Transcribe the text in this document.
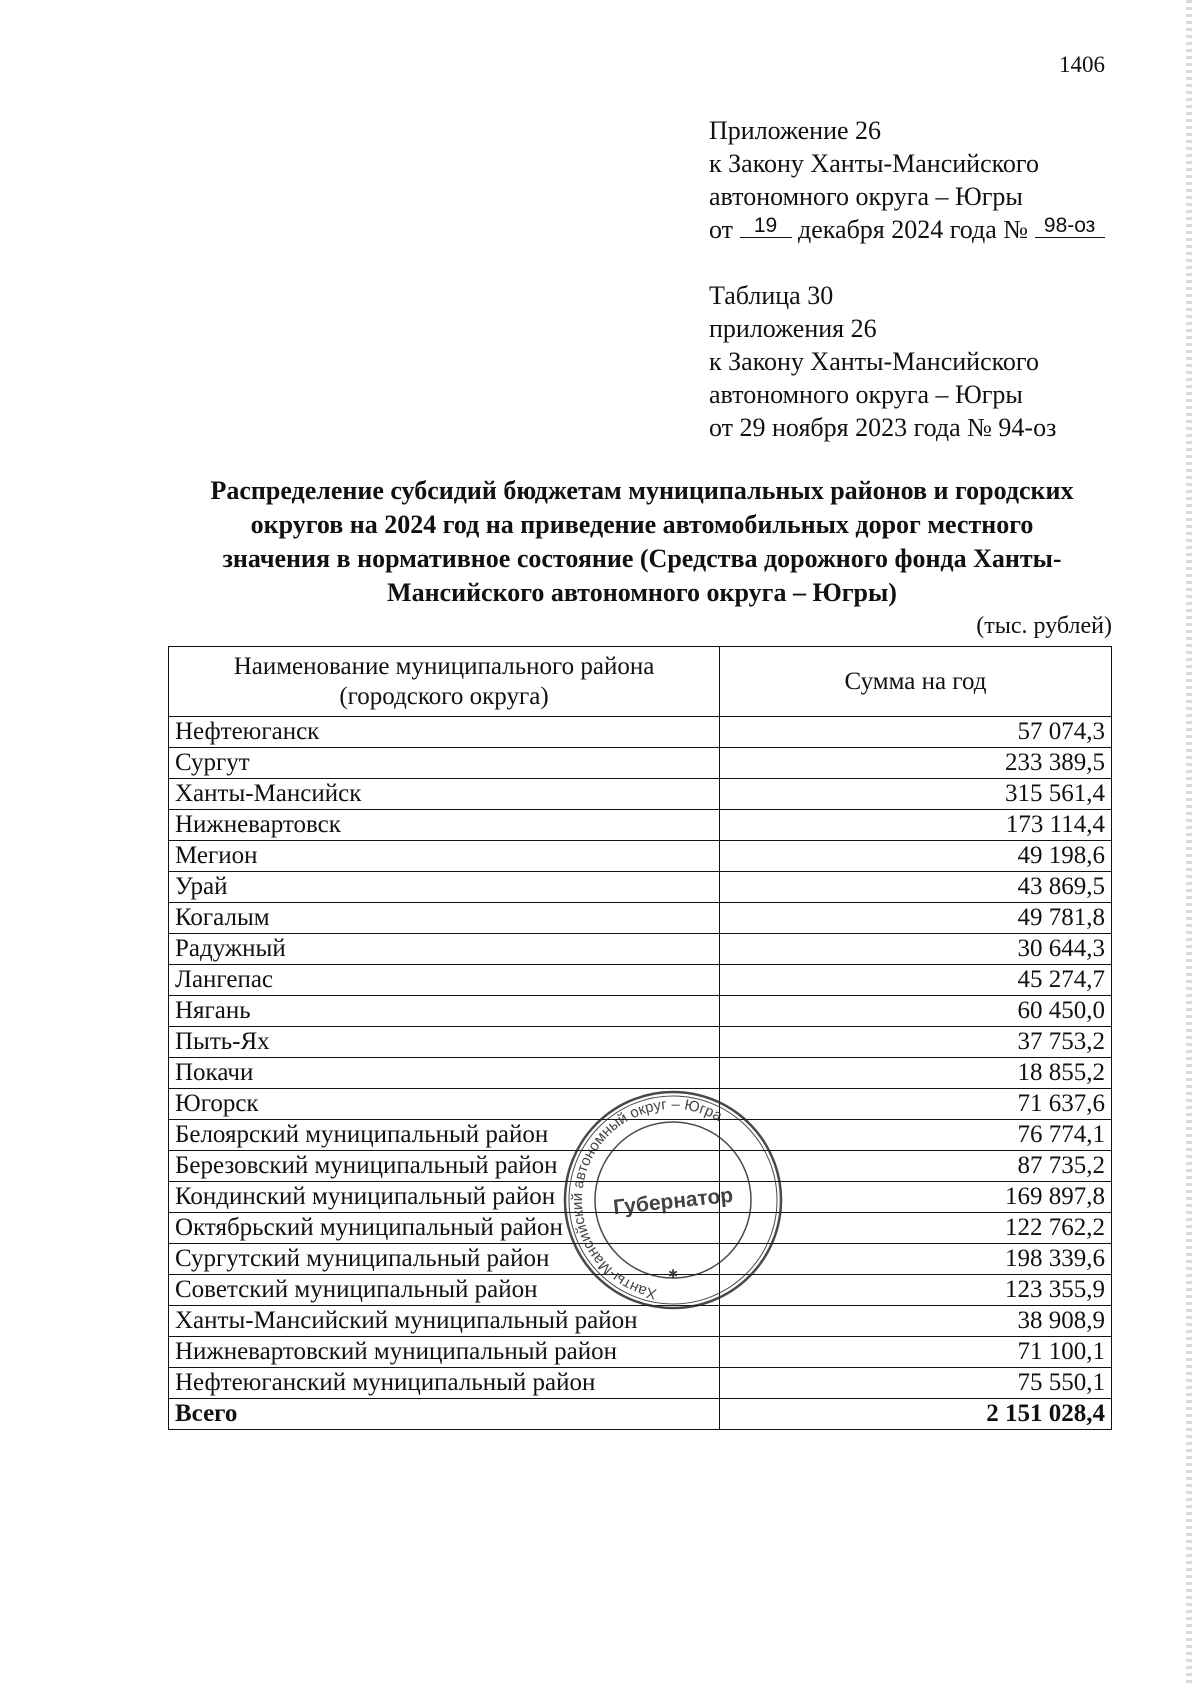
1406
Приложение 26
к Закону Ханты-Мансийского
автономного округа – Югры
от 19 декабря 2024 года № 98-оз
Таблица 30
приложения 26
к Закону Ханты-Мансийского
автономного округа – Югры
от 29 ноября 2023 года № 94-оз
Распределение субсидий бюджетам муниципальных районов и городских
округов на 2024 год на приведение автомобильных дорог местного
значения в нормативное состояние (Средства дорожного фонда Ханты-
Мансийского автономного округа – Югры)
(тыс. рублей)
Наименование муниципального района
(городского округа)	Сумма на год
Нефтеюганск	57 074,3
Сургут	233 389,5
Ханты-Мансийск	315 561,4
Нижневартовск	173 114,4
Мегион	49 198,6
Урай	43 869,5
Когалым	49 781,8
Радужный	30 644,3
Лангепас	45 274,7
Нягань	60 450,0
Пыть-Ях	37 753,2
Покачи	18 855,2
Югорск	71 637,6
Белоярский муниципальный район	76 774,1
Березовский муниципальный район	87 735,2
Кондинский муниципальный район	169 897,8
Октябрьский муниципальный район	122 762,2
Сургутский муниципальный район	198 339,6
Советский муниципальный район	123 355,9
Ханты-Мансийский муниципальный район	38 908,9
Нижневартовский муниципальный район	71 100,1
Нефтеюганский муниципальный район	75 550,1
Всего	2 151 028,4
Ханты-Мансийский автономный округ – Югра
Губернатор
✱
